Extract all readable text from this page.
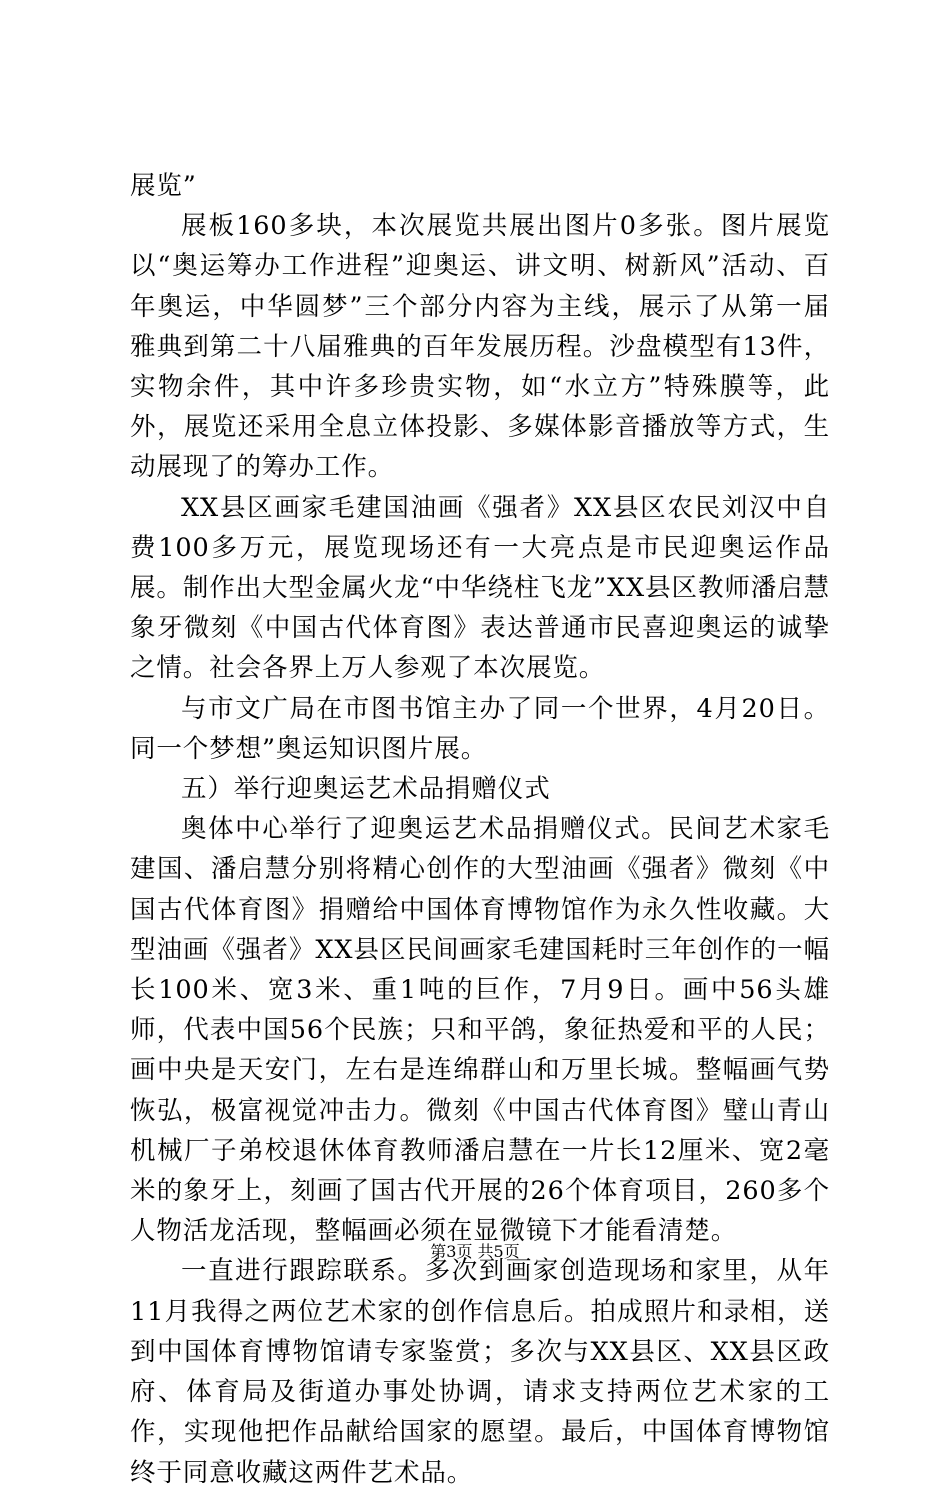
展览”

展板160多块，本次展览共展出图片0多张。图片展览以“奥运筹办工作进程”迎奥运、讲文明、树新风”活动、百年奥运，中华圆梦”三个部分内容为主线，展示了从第一届雅典到第二十八届雅典的百年发展历程。沙盘模型有13件，实物余件，其中许多珍贵实物，如“水立方”特殊膜等，此外，展览还采用全息立体投影、多媒体影音播放等方式，生动展现了的筹办工作。

XX县区画家毛建国油画《强者》XX县区农民刘汉中自费100多万元，展览现场还有一大亮点是市民迎奥运作品展。制作出大型金属火龙“中华绕柱飞龙”XX县区教师潘启慧象牙微刻《中国古代体育图》表达普通市民喜迎奥运的诚挚之情。社会各界上万人参观了本次展览。

与市文广局在市图书馆主办了同一个世界，4月20日。同一个梦想”奥运知识图片展。

五）举行迎奥运艺术品捐赠仪式

奥体中心举行了迎奥运艺术品捐赠仪式。民间艺术家毛建国、潘启慧分别将精心创作的大型油画《强者》微刻《中国古代体育图》捐赠给中国体育博物馆作为永久性收藏。大型油画《强者》XX县区民间画家毛建国耗时三年创作的一幅长100米、宽3米、重1吨的巨作，7月9日。画中56头雄师，代表中国56个民族；只和平鸽，象征热爱和平的人民；画中央是天安门，左右是连绵群山和万里长城。整幅画气势恢弘，极富视觉冲击力。微刻《中国古代体育图》璧山青山机械厂子弟校退休体育教师潘启慧在一片长12厘米、宽2毫米的象牙上，刻画了国古代开展的26个体育项目，260多个人物活龙活现，整幅画必须在显微镜下才能看清楚。

一直进行跟踪联系。多次到画家创造现场和家里，从年11月我得之两位艺术家的创作信息后。拍成照片和录相，送到中国体育博物馆请专家鉴赏；多次与XX县区、XX县区政府、体育局及街道办事处协调，请求支持两位艺术家的工作，实现他把作品献给国家的愿望。最后，中国体育博物馆终于同意收藏这两件艺术品。

第3页 共5页
